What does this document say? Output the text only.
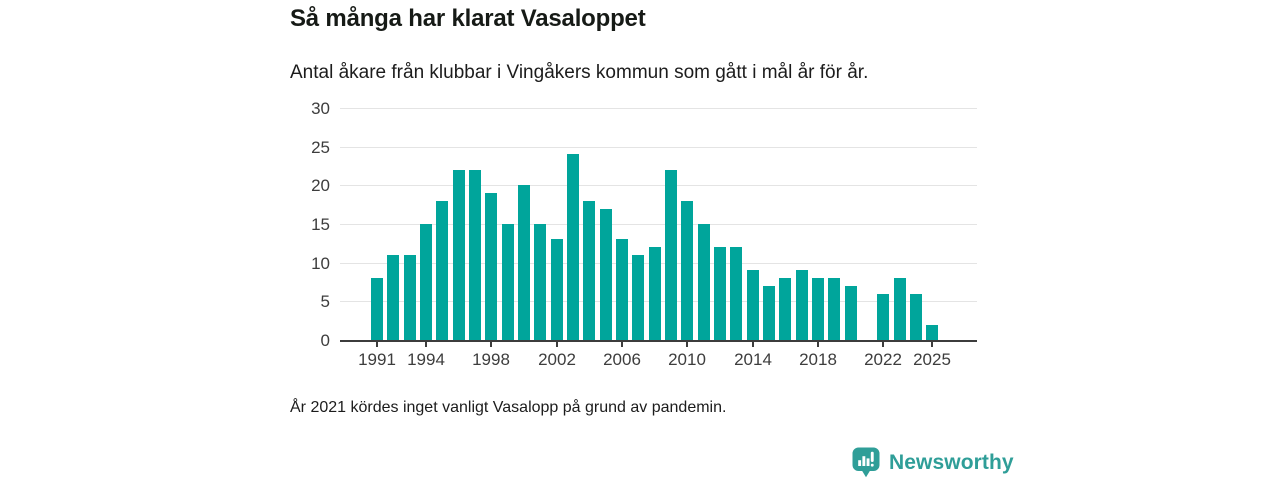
Så många har klarat Vasaloppet
Antal åkare från klubbar i Vingåkers kommun som gått i mål år för år.
0
5
10
15
20
25
30
1991 1994	1998	2002	2006	2010	2014	2018	2022 2025
År 2021 kördes inget vanligt Vasalopp på grund av pandemin.
Newsworthy
